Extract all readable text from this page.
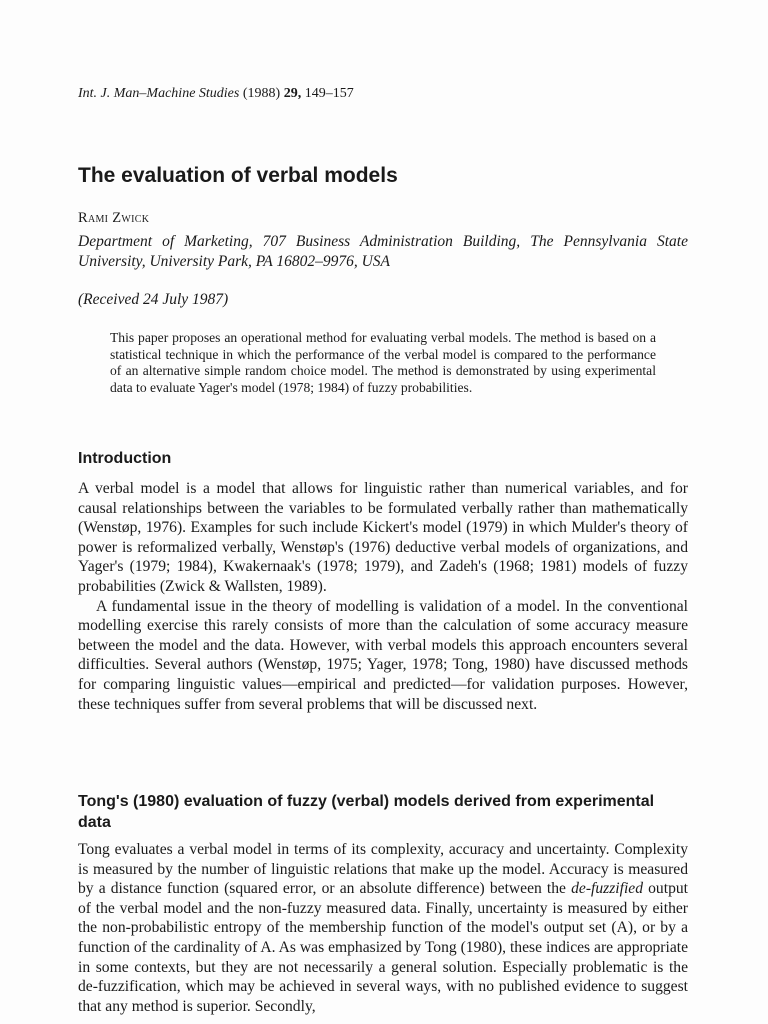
Int. J. Man–Machine Studies (1988) 29, 149–157
The evaluation of verbal models
Rami Zwick
Department of Marketing, 707 Business Administration Building, The Pennsylvania State University, University Park, PA 16802–9976, USA
(Received 24 July 1987)

This paper proposes an operational method for evaluating verbal models. The method is based on a statistical technique in which the performance of the verbal model is compared to the performance of an alternative simple random choice model. The method is demonstrated by using experimental data to evaluate Yager's model (1978; 1984) of fuzzy probabilities.

Introduction

A verbal model is a model that allows for linguistic rather than numerical variables, and for causal relationships between the variables to be formulated verbally rather than mathematically (Wenstøp, 1976). Examples for such include Kickert's model (1979) in which Mulder's theory of power is reformalized verbally, Wenstøp's (1976) deductive verbal models of organizations, and Yager's (1979; 1984), Kwakernaak's (1978; 1979), and Zadeh's (1968; 1981) models of fuzzy probabilities (Zwick & Wallsten, 1989).

A fundamental issue in the theory of modelling is validation of a model. In the conventional modelling exercise this rarely consists of more than the calculation of some accuracy measure between the model and the data. However, with verbal models this approach encounters several difficulties. Several authors (Wenstøp, 1975; Yager, 1978; Tong, 1980) have discussed methods for comparing linguistic values—empirical and predicted—for validation purposes. However, these techniques suffer from several problems that will be discussed next.

Tong's (1980) evaluation of fuzzy (verbal) models derived from experimental data

Tong evaluates a verbal model in terms of its complexity, accuracy and uncertainty. Complexity is measured by the number of linguistic relations that make up the model. Accuracy is measured by a distance function (squared error, or an absolute difference) between the de-fuzzified output of the verbal model and the non-fuzzy measured data. Finally, uncertainty is measured by either the non-probabilistic entropy of the membership function of the model's output set (A), or by a function of the cardinality of A. As was emphasized by Tong (1980), these indices are appropriate in some contexts, but they are not necessarily a general solution. Especially problematic is the de-fuzzification, which may be achieved in several ways, with no published evidence to suggest that any method is superior. Secondly,
